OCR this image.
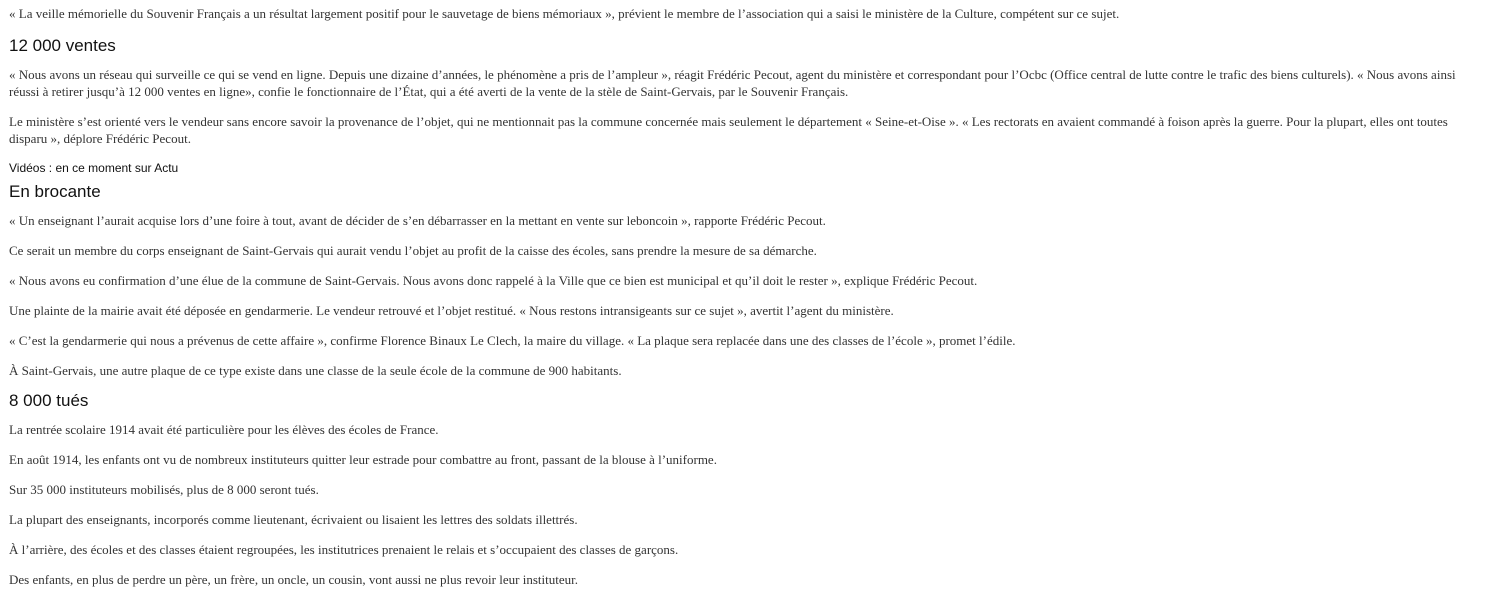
« La veille mémorielle du Souvenir Français a un résultat largement positif pour le sauvetage de biens mémoriaux », prévient le membre de l’association qui a saisi le ministère de la Culture, compétent sur ce sujet.

12 000 ventes

« Nous avons un réseau qui surveille ce qui se vend en ligne. Depuis une dizaine d’années, le phénomène a pris de l’ampleur », réagit Frédéric Pecout, agent du ministère et correspondant pour l’Ocbc (Office central de lutte contre le trafic des biens culturels). « Nous avons ainsi réussi à retirer jusqu’à 12 000 ventes en ligne», confie le fonctionnaire de l’État, qui a été averti de la vente de la stèle de Saint-Gervais, par le Souvenir Français.

Le ministère s’est orienté vers le vendeur sans encore savoir la provenance de l’objet, qui ne mentionnait pas la commune concernée mais seulement le département « Seine-et-Oise ». « Les rectorats en avaient commandé à foison après la guerre. Pour la plupart, elles ont toutes disparu », déplore Frédéric Pecout.

Vidéos : en ce moment sur Actu
En brocante

« Un enseignant l’aurait acquise lors d’une foire à tout, avant de décider de s’en débarrasser en la mettant en vente sur leboncoin », rapporte Frédéric Pecout.

Ce serait un membre du corps enseignant de Saint-Gervais qui aurait vendu l’objet au profit de la caisse des écoles, sans prendre la mesure de sa démarche.

« Nous avons eu confirmation d’une élue de la commune de Saint-Gervais. Nous avons donc rappelé à la Ville que ce bien est municipal et qu’il doit le rester », explique Frédéric Pecout.

Une plainte de la mairie avait été déposée en gendarmerie. Le vendeur retrouvé et l’objet restitué. « Nous restons intransigeants sur ce sujet », avertit l’agent du ministère.

« C’est la gendarmerie qui nous a prévenus de cette affaire », confirme Florence Binaux Le Clech, la maire du village. « La plaque sera replacée dans une des classes de l’école », promet l’édile.

À Saint-Gervais, une autre plaque de ce type existe dans une classe de la seule école de la commune de 900 habitants.

8 000 tués

La rentrée scolaire 1914 avait été particulière pour les élèves des écoles de France.

En août 1914, les enfants ont vu de nombreux instituteurs quitter leur estrade pour combattre au front, passant de la blouse à l’uniforme.

Sur 35 000 instituteurs mobilisés, plus de 8 000 seront tués.

La plupart des enseignants, incorporés comme lieutenant, écrivaient ou lisaient les lettres des soldats illettrés.

À l’arrière, des écoles et des classes étaient regroupées, les institutrices prenaient le relais et s’occupaient des classes de garçons.

Des enfants, en plus de perdre un père, un frère, un oncle, un cousin, vont aussi ne plus revoir leur instituteur.
